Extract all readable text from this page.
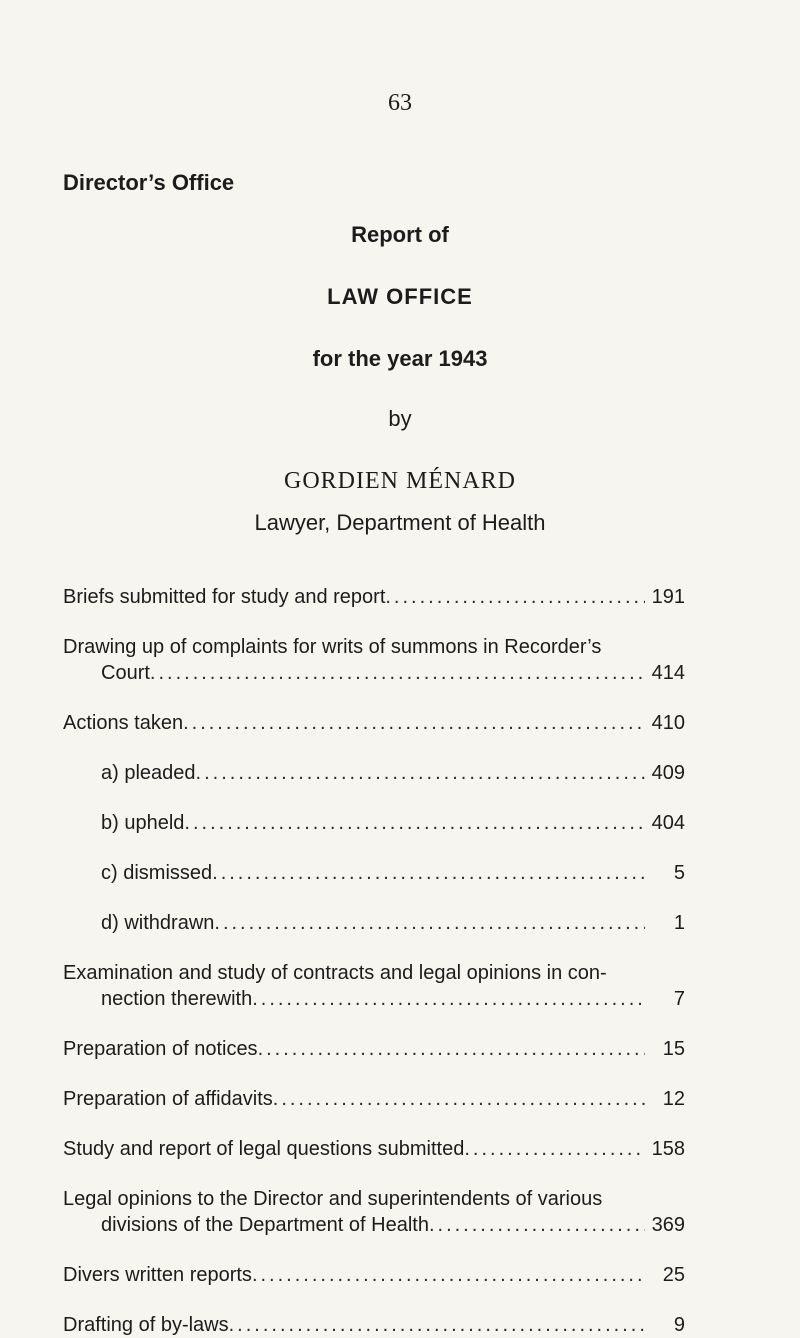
63
Director’s Office
Report of
LAW OFFICE
for the year 1943
by
GORDIEN MÉNARD
Lawyer, Department of Health
Briefs submitted for study and report .....	191
Drawing up of complaints for writs of summons in Recorder’s
Court .....	414
Actions taken .....	410
a) pleaded .....	409
b) upheld .....	404
c) dismissed .....	5
d) withdrawn .....	1
Examination and study of contracts and legal opinions in con-
nection therewith .....	7
Preparation of notices .....	15
Preparation of affidavits .....	12
Study and report of legal questions submitted .....	158
Legal opinions to the Director and superintendents of various
divisions of the Department of Health .....	369
Divers written reports .....	25
Drafting of by-laws .....	9
